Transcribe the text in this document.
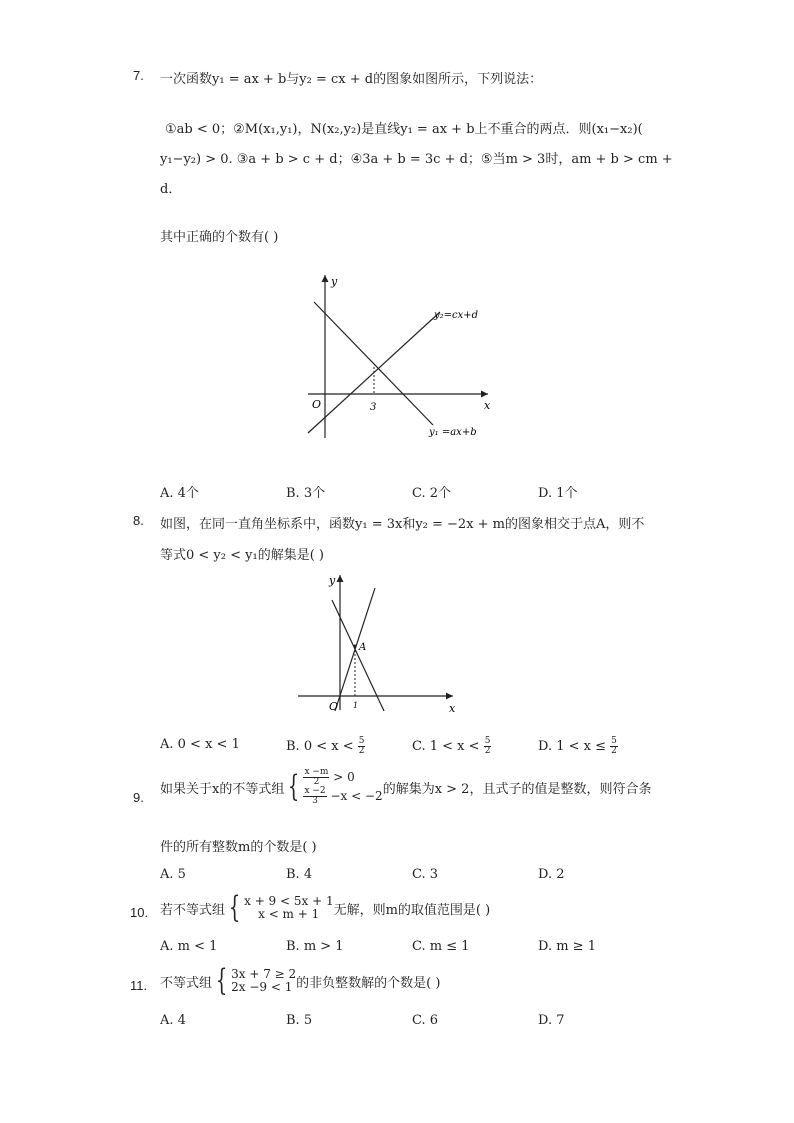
7. 一次函数y₁ = ax + b与y₂ = cx + d的图象如图所示，下列说法：
①ab < 0；②M(x₁,y₁)，N(x₂,y₂)是直线y₁ = ax + b上不重合的两点．则(x₁−x₂)(
y₁−y₂) > 0. ③a + b > c + d；④3a + b = 3c + d；⑤当m > 3时，am + b > cm +
d．
其中正确的个数有( )
y
x
O	3
y₂=cx+d
y₁ =ax+b
A. 4个	B. 3个	C. 2个	D. 1个
8. 如图，在同一直角坐标系中，函数y₁ = 3x和y₂ = −2x + m的图象相交于点A，则不
等式0 < y₂ < y₁的解集是( )
A
y
x
O 1
A. 0 < x < 1	B. $0 < x < \frac{5}{2}$	C. $1 < x < \frac{5}{2}$	D. $1 < x \le \frac{5}{2}$
9.
如果关于x的不等式组 { $\frac{x -m}{2} > 0$
$\frac{x -2}{3} -x < -2$ 的解集为x > 2，且式子的值是整数，则符合条
件的所有整数m的个数是( )
A. 5	B. 4	C. 3	D. 2
10. 若不等式组 { x + 9 < 5x + 1
x < m + 1	无解，则m的取值范围是( )
A. m < 1	B. m > 1	C. m ≤ 1	D. m ≥ 1
11. 不等式组 { 3x + 7 ≥ 2
2x −9 < 1 的非负整数解的个数是( )
A. 4	B. 5	C. 6	D. 7
